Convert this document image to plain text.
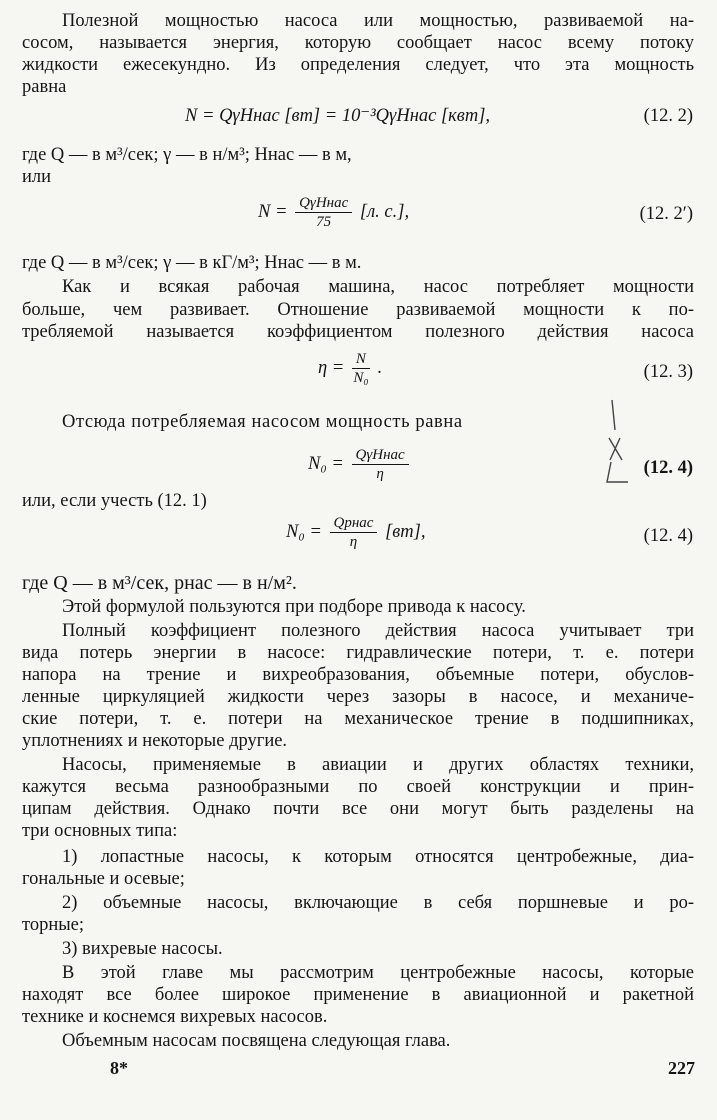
Полезной мощностью насоса или мощностью, развиваемой на-
сосом, называется энергия, которую сообщает насос всему потоку
жидкости ежесекундно. Из определения следует, что эта мощность
равна
N = QγHнас [вт] = 10⁻³QγHнас [квт],	(12. 2)
где Q — в м³/сек; γ — в н/м³; Hнас — в м,
или
$N = \frac{\text{QγHнас}}{75} [л$. с.],	(12. 2′)
где Q — в м³/сек; γ — в кГ/м³; Hнас — в м.
Как и всякая рабочая машина, насос потребляет мощности
больше, чем развивает. Отношение развиваемой мощности к по-
требляемой называется коэффициентом полезного действия насоса
$\eta = \frac{N}{\text{N₀}}$ .	(12. 3)
Отсюда потребляемая насосом мощность равна
$N_0 = \frac{\text{QγHнас}}{\eta}$	(12. 4)
или, если учесть (12. 1)
$N_0 = \frac{\text{Qpнас}}{\eta} [вт]$,	(12. 4)
где Q — в м³/сек, pнас — в н/м².
Этой формулой пользуются при подборе привода к насосу.
Полный коэффициент полезного действия насоса учитывает три
вида потерь энергии в насосе: гидравлические потери, т. е. потери
напора на трение и вихреобразования, объемные потери, обуслов-
ленные циркуляцией жидкости через зазоры в насосе, и механиче-
ские потери, т. е. потери на механическое трение в подшипниках,
уплотнениях и некоторые другие.
Насосы, применяемые в авиации и других областях техники,
кажутся весьма разнообразными по своей конструкции и прин-
ципам действия. Однако почти все они могут быть разделены на
три основных типа:
1) лопастные насосы, к которым относятся центробежные, диа-
гональные и осевые;
2) объемные насосы, включающие в себя поршневые и ро-
торные;
3) вихревые насосы.
В этой главе мы рассмотрим центробежные насосы, которые
находят все более широкое применение в авиационной и ракетной
технике и коснемся вихревых насосов.
Объемным насосам посвящена следующая глава.
8*	227
